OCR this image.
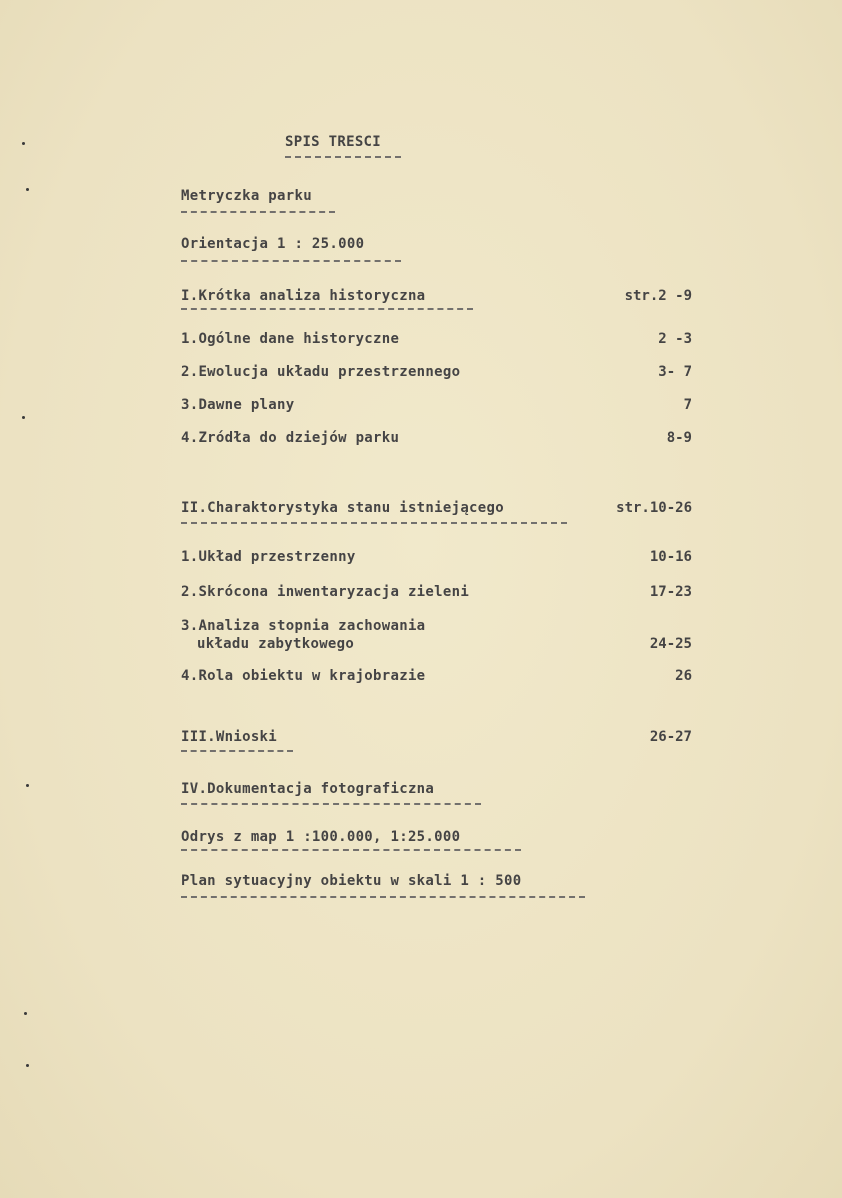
SPIS TRESCI
Metryczka parku
Orientacja 1 : 25.000
I.Krótka analiza historyczna	str.2 -9
1.Ogólne dane historyczne	2 -3
2.Ewolucja układu przestrzennego	3- 7
3.Dawne plany	7
4.Zródła do dziejów parku	8-9
II.Charaktorystyka stanu istniejącego	str.10-26
1.Układ przestrzenny	10-16
2.Skrócona inwentaryzacja zieleni	17-23
3.Analiza stopnia zachowania
układu zabytkowego	24-25
4.Rola obiektu w krajobrazie	26
III.Wnioski	26-27
IV.Dokumentacja fotograficzna
Odrys z map 1 :100.000, 1:25.000
Plan sytuacyjny obiektu w skali 1 : 500
